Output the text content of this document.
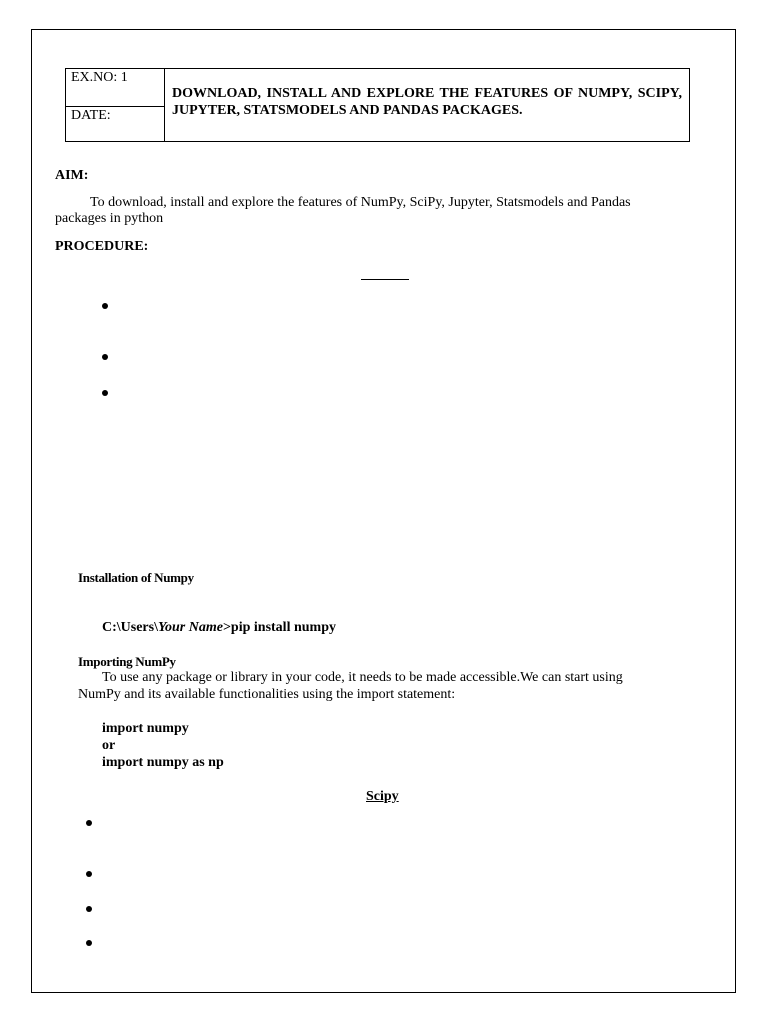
EX.NO: 1
DATE:
DOWNLOAD, INSTALL AND EXPLORE THE FEATURES OF NUMPY, SCIPY, JUPYTER, STATSMODELS AND PANDAS PACKAGES.
AIM:
To download, install and explore the features of NumPy, SciPy, Jupyter, Statsmodels and Pandas
packages in python
PROCEDURE:
Installation of Numpy
C:\Users\Your Name>pip install numpy
Importing NumPy
To use any package or library in your code, it needs to be made accessible.We can start using
NumPy and its available functionalities using the import statement:
import numpy
or
import numpy as np
Scipy
